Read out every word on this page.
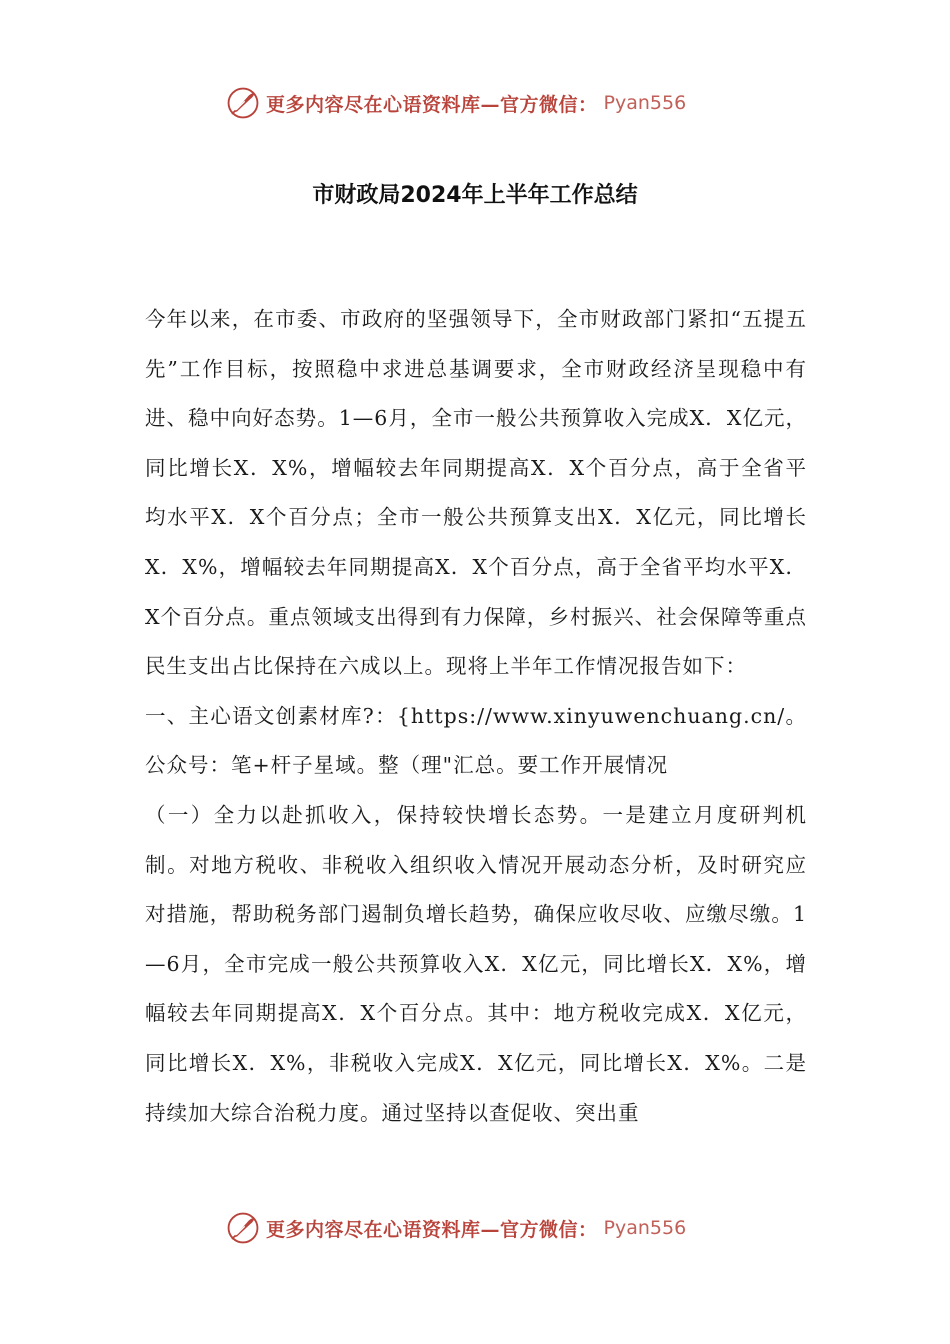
更多内容尽在心语资料库—官方微信： Pyan556
市财政局2024年上半年工作总结

今年以来，在市委、市政府的坚强领导下，全市财政部门紧扣“五提五先”工作目标，按照稳中求进总基调要求，全市财政经济呈现稳中有进、稳中向好态势。1—6月，全市一般公共预算收入完成X．X亿元，同比增长X．X%，增幅较去年同期提高X．X个百分点，高于全省平均水平X．X个百分点；全市一般公共预算支出X．X亿元，同比增长X．X%，增幅较去年同期提高X．X个百分点，高于全省平均水平X．X个百分点。重点领域支出得到有力保障，乡村振兴、社会保障等重点民生支出占比保持在六成以上。现将上半年工作情况报告如下：

一、主心语文创素材库?：{https://www.xinyuwenchuang.cn/。公众号：笔+杆子星域。整（理"汇总。要工作开展情况

（一）全力以赴抓收入，保持较快增长态势。一是建立月度研判机制。对地方税收、非税收入组织收入情况开展动态分析，及时研究应对措施，帮助税务部门遏制负增长趋势，确保应收尽收、应缴尽缴。1—6月，全市完成一般公共预算收入X．X亿元，同比增长X．X%，增幅较去年同期提高X．X个百分点。其中：地方税收完成X．X亿元，同比增长X．X%，非税收入完成X．X亿元，同比增长X．X%。二是持续加大综合治税力度。通过坚持以查促收、突出重

更多内容尽在心语资料库—官方微信： Pyan556
